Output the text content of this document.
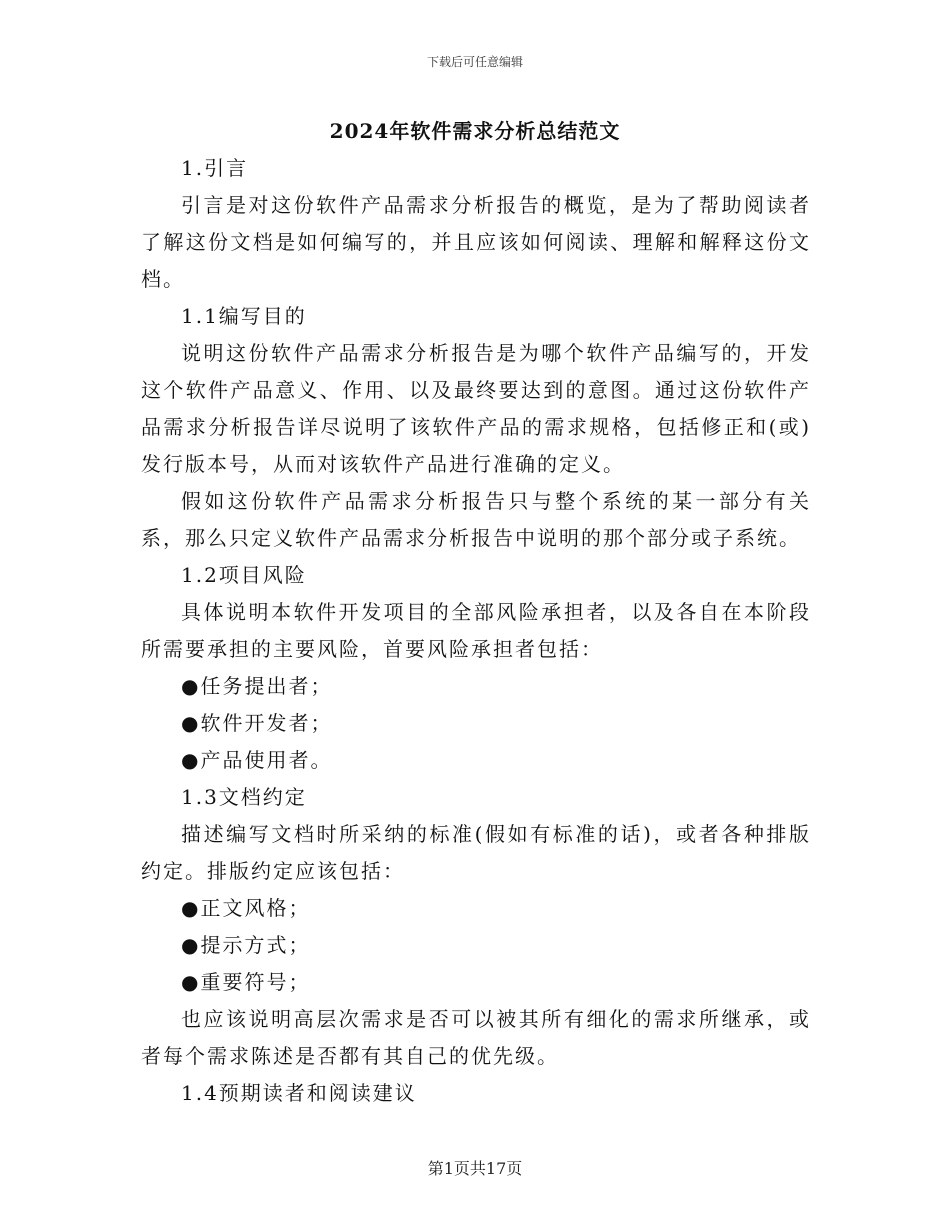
下载后可任意编辑
2024年软件需求分析总结范文

1.引言

引言是对这份软件产品需求分析报告的概览，是为了帮助阅读者了解这份文档是如何编写的，并且应该如何阅读、理解和解释这份文档。

1.1编写目的

说明这份软件产品需求分析报告是为哪个软件产品编写的，开发这个软件产品意义、作用、以及最终要达到的意图。通过这份软件产品需求分析报告详尽说明了该软件产品的需求规格，包括修正和(或)发行版本号，从而对该软件产品进行准确的定义。

假如这份软件产品需求分析报告只与整个系统的某一部分有关系，那么只定义软件产品需求分析报告中说明的那个部分或子系统。

1.2项目风险

具体说明本软件开发项目的全部风险承担者，以及各自在本阶段所需要承担的主要风险，首要风险承担者包括：

●任务提出者；

●软件开发者；

●产品使用者。

1.3文档约定

描述编写文档时所采纳的标准(假如有标准的话)，或者各种排版约定。排版约定应该包括：

●正文风格；

●提示方式；

●重要符号；

也应该说明高层次需求是否可以被其所有细化的需求所继承，或者每个需求陈述是否都有其自己的优先级。

1.4预期读者和阅读建议

第1页共17页
